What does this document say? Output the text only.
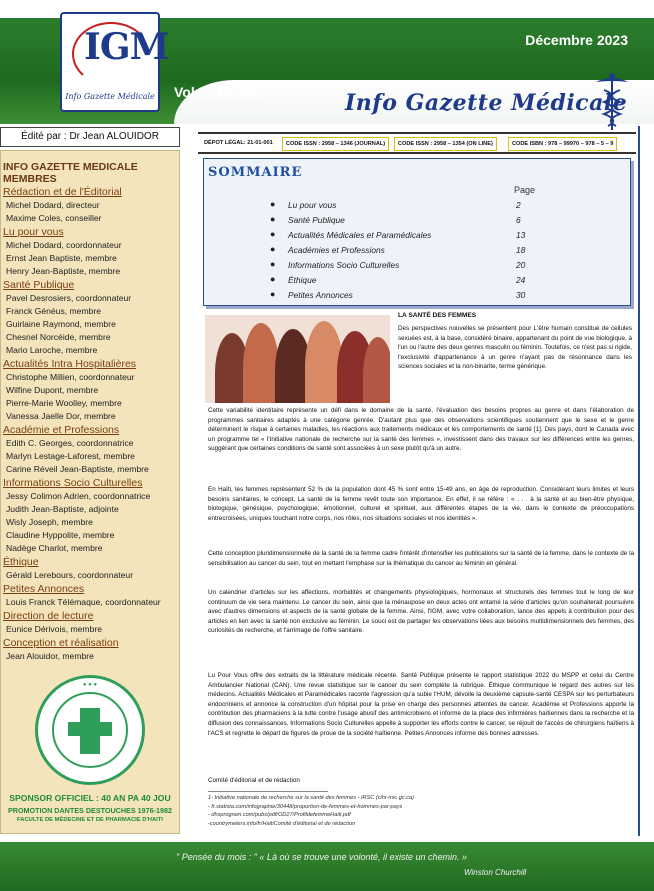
IGM
Info Gazette Médicale
Décembre 2023
Vol. 3. No 34.	Info Gazette Médicale
Édité par : Dr Jean ALOUIDOR
INFO GAZETTE MEDICALE MEMBRES
Rédaction et de l'Éditorial
Michel Dodard, directeur
Maxime Coles, conseiller
Lu pour vous
Michel Dodard, coordonnateur
Ernst Jean Baptiste, membre
Henry Jean-Baptiste, membre
Santé Publique
Pavel Desrosiers, coordonnateur
Franck Généus, membre
Guirlaine Raymond, membre
Chesnel Norcéide, membre
Mario Laroche, membre
Actualités Intra Hospitalières
Christophe Millien, coordonnateur
Wilfine Dupont, membre
Pierre-Marie Woolley, membre
Vanessa Jaelle Dor, membre
Académie et Professions
Edith C. Georges, coordonnatrice
Marlyn Lestage-Laforest, membre
Carine Réveil Jean-Baptiste, membre
Informations Socio Culturelles
Jessy Colimon Adrien, coordonnatrice
Judith Jean-Baptiste, adjointe
Wisly Joseph, membre
Claudine Hyppolite, membre
Nadège Charlot, membre
Éthique
Gérald Lerebours, coordonnateur
Petites Annonces
Louis Franck Télémaque, coordonnateur
Direction de lecture
Eunice Dérivois, membre
Conception et réalisation
Jean Alouidor, membre
● ● ●
SPONSOR OFFICIEL : 40 AN PA 40 JOU
PROMOTION DANTES DESTOUCHES 1976-1982
FACULTE DE MÉDECINE ET DE PHARMACIE D'HAITI
DÉPOT LÉGAL: 21-01-001	CODE ISSN : 2958 – 1346 (JOURNAL)	CODE ISSN : 2958 – 1354 (ON LINE)	CODE ISBN : 978 – 99970 – 978 – 5 – 9
SOMMAIRE
Page
● Lu pour vous	2
● Santé Publique	6
● Actualités Médicales et Paramédicales	13
● Académies et Professions	18
● Informations Socio Culturelles	20
● Éthique	24
● Petites Annonces	30
LA SANTÉ DES FEMMES
Des perspectives nouvelles se présentent pour L'être humain constitué de cellules sexuées est, à la base, considéré binaire, appartenant du point de vue biologique, à l'un ou l'autre des deux genres masculin ou féminin. Toutefois, ce n'est pas si rigide, l'exclusivité d'appartenance à un genre n'ayant pas de résonnance dans les sciences sociales et la non-binarite, terme générique.
Cette variabilité identitaire représente un défi dans le domaine de la santé, l'évaluation des besoins propres au genre et dans l'élaboration de programmes sanitaires adaptés à une catégorie genrée. D'autant plus que des observations scientifiques soutiennent que le sexe et le genre déterminent le risque à certaines maladies, les réactions aux traitements médicaux et les comportements de santé [1]. Des pays, dont le Canada avec un programme tel « l'Initiative nationale de recherche sur la santé des femmes », investissent dans des travaux sur les différences entre les genres, suggérant que certaines conditions de santé sont associées à un sexe plutôt qu'à un autre.
En Haïti, les femmes représentent 52 % de la population dont 45 % sont entre 15-49 ans, en âge de reproduction. Considérant leurs limites et leurs besoins sanitaires, le concept, La santé de la femme revêt toute son importance. En effet, il se réfère : « . . . à la santé et au bien-être physique, biologique, génésique, psychologique, émotionnel, culturel et spirituel, aux différentes étapes de la vie, dans le contexte de préoccupations entrecroisées, uniques touchant notre corps, nos rôles, nos situations sociales et nos identités ».
Cette conception pluridimensionnelle de la santé de la femme cadre l'intérêt d'intensifier les publications sur la santé de la femme, dans le contexte de la sensibilisation au cancer du sein, tout en mettant l'emphase sur la thématique du cancer au féminin en général.
Un calendrier d'articles sur les affections, morbidités et changements physiologiques, hormonaux et structurels des femmes tout le long de leur continuum de vie sera maintenu. Le cancer du sein, ainsi que la ménaupose en deux actes ont entamé la série d'articles qu'on souhaiterait poursuivre avec d'autres dimensions et aspects de la santé globale de la femme. Ainsi, l'IGM, avec votre collaboration, lance des appels à contribution pour des articles en lien avec la santé non exclusive au féminin. Le souci est de partager les observations liées aux besoins multidimensionnels des femmes, des curiosités de recherche, et l'arrimage de l'offre sanitaire.
Lu Pour Vous offre des extraits de la littérature médicale récente. Santé Publique présente le rapport statistique 2022 du MSPP et celui du Centre Ambulancier National (CAN). Une revue statistique sur le cancer du sein complète la rubrique. Éthique communique le regard des autres sur les médecins. Actualités Médicales et Paramédicales raconte l'agression qu'a subie l'HUM, dévoile la deuxième capsule-santé CESPA sur les perturbateurs endocriniens et annonce la construction d'un hôpital pour la prise en charge des personnes atteintes de cancer. Académie et Professions apporte la contribution des pharmaciens à la lutte contre l'usage abusif des antimicrobiens et informe de la place des infirmières haïtiennes dans la recherche et la diffusion des connaissances. Informations Socio Culturelles appelle à supporter les efforts contre le cancer, se réjouit de l'accès de chirurgiens haïtiens à l'ACS et regrette le départ de figures de proue de la société haïtienne. Petites Annonces informe des bonnes adresses.
Comité d'éditorial et de rédaction
1- Initiative nationale de recherche sur la santé des femmes - IRSC (cihr-irsc.gc.ca)
- fr.statista.com/infographie/30448/proportion-de-femmes-et-hommes-par-pays
- dhsprogram.com/pubs/pdf/OD27/ProfildefemmeHaiti.pdf
-countrymeters.info/fr/HaitiComité d'éditorial et de rédaction
" Pensée du mois : " « Là où se trouve une volonté, il existe un chemin. »
Winston Churchill
